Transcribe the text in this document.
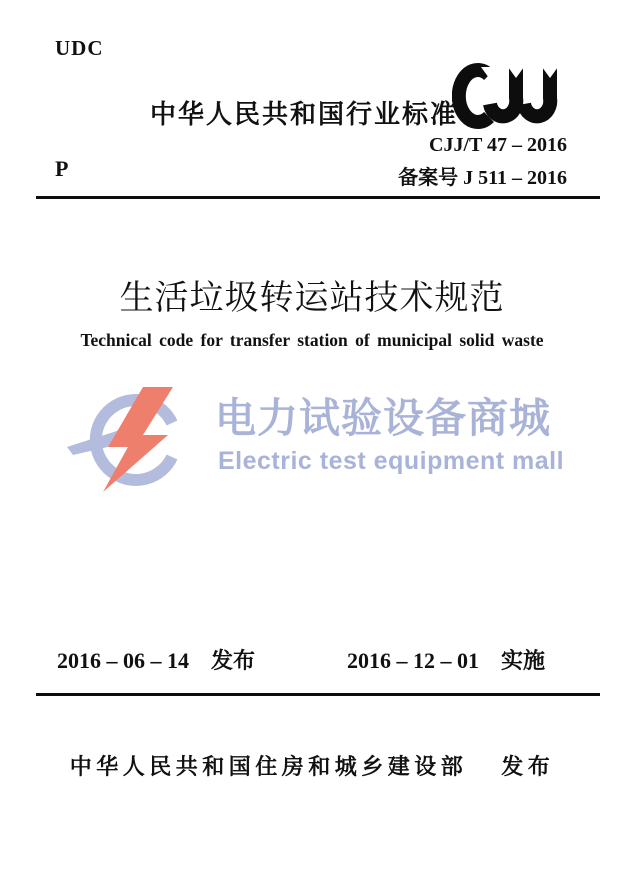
UDC
中华人民共和国行业标准
CJJ/T 47 – 2016
备案号 J 511 – 2016
P
生活垃圾转运站技术规范
Technical code for transfer station of municipal solid waste
电力试验设备商城
Electric test equipment mall
2016 – 06 – 14 发布	2016 – 12 – 01 实施
中华人民共和国住房和城乡建设部 发布
